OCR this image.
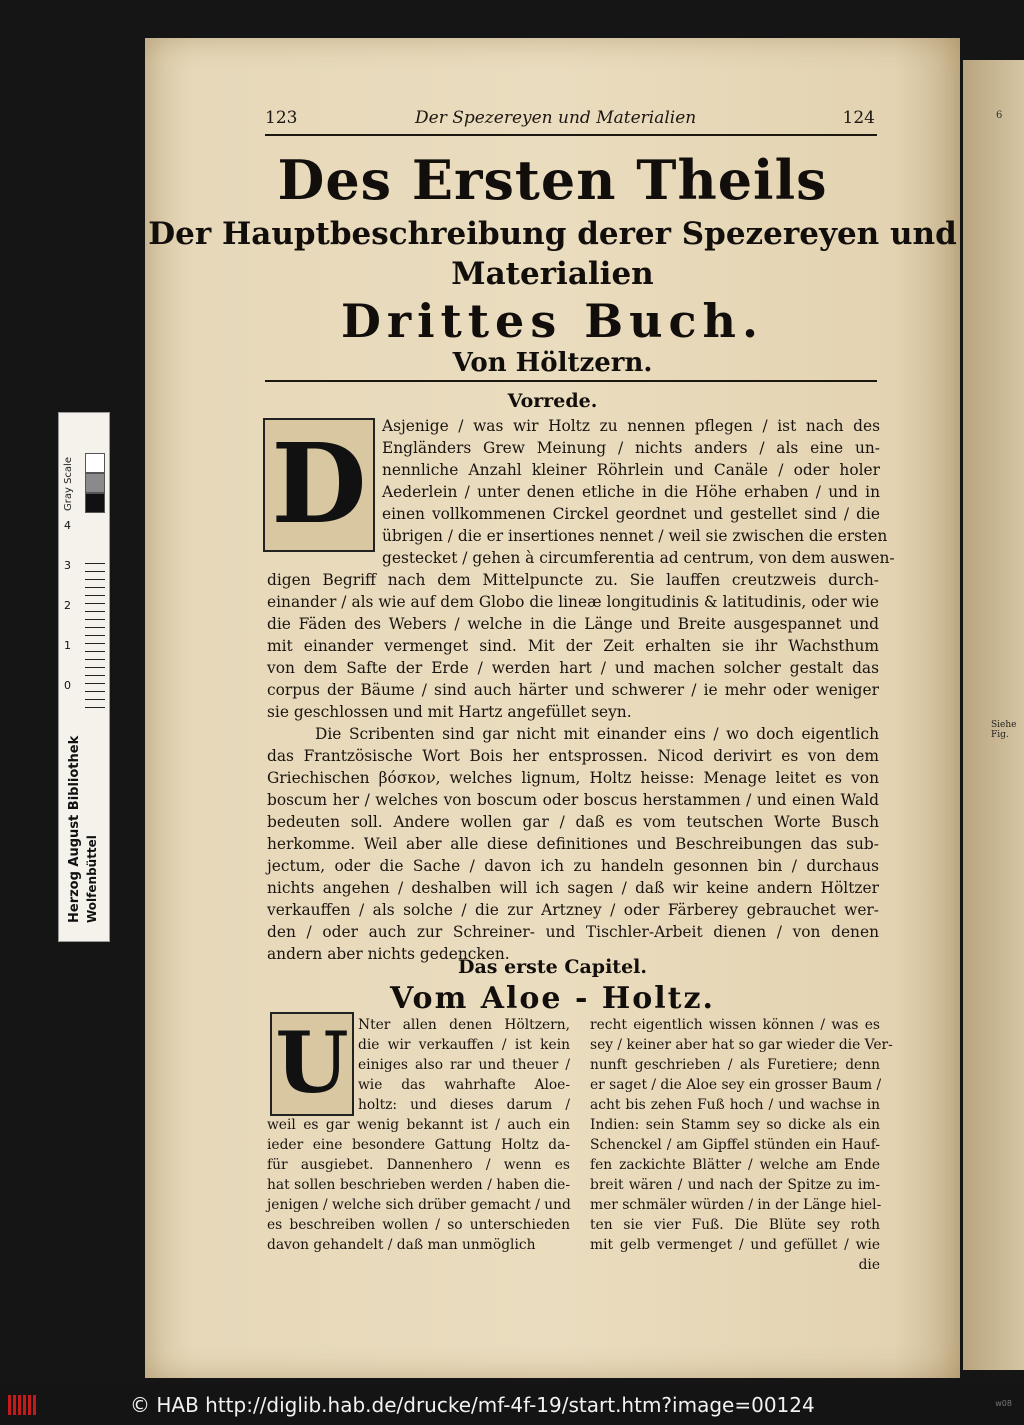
6
Siehe Fig.
123	Der Spezereyen und Materialien	124
Des Ersten Theils
Der Hauptbeschreibung derer Spezereyen und
Materialien
Drittes Buch.
Von Höltzern.
Vorrede.
D Asjenige / was wir Holtz zu nennen pflegen / ist nach des
Engländers Grew Meinung / nichts anders / als eine un-
nennliche Anzahl kleiner Röhrlein und Canäle / oder holer
Aederlein / unter denen etliche in die Höhe erhaben / und in
einen vollkommenen Circkel geordnet und gestellet sind / die
übrigen / die er insertiones nennet / weil sie zwischen die ersten
gestecket / gehen à circumferentia ad centrum, von dem auswen-
digen Begriff nach dem Mittelpuncte zu. Sie lauffen creutzweis durch-
einander / als wie auf dem Globo die lineæ longitudinis & latitudinis, oder wie
die Fäden des Webers / welche in die Länge und Breite ausgespannet und
mit einander vermenget sind. Mit der Zeit erhalten sie ihr Wachsthum
von dem Safte der Erde / werden hart / und machen solcher gestalt das
corpus der Bäume / sind auch härter und schwerer / ie mehr oder weniger
sie geschlossen und mit Hartz angefüllet seyn.
Die Scribenten sind gar nicht mit einander eins / wo doch eigentlich
das Frantzösische Wort Bois her entsprossen. Nicod derivirt es von dem
Griechischen βόσκον, welches lignum, Holtz heisse: Menage leitet es von
boscum her / welches von boscum oder boscus herstammen / und einen Wald
bedeuten soll. Andere wollen gar / daß es vom teutschen Worte Busch
herkomme. Weil aber alle diese definitiones und Beschreibungen das sub-
jectum, oder die Sache / davon ich zu handeln gesonnen bin / durchaus
nichts angehen / deshalben will ich sagen / daß wir keine andern Höltzer
verkauffen / als solche / die zur Artzney / oder Färberey gebrauchet wer-
den / oder auch zur Schreiner- und Tischler-Arbeit dienen / von denen
andern aber nichts gedencken.
Das erste Capitel.
Vom Aloe - Holtz.
U Nter allen denen Höltzern,
die wir verkauffen / ist kein
einiges also rar und theuer /
wie das wahrhafte Aloe-
holtz: und dieses darum /
weil es gar wenig bekannt ist / auch ein
ieder eine besondere Gattung Holtz da-
für ausgiebet. Dannenhero / wenn es
hat sollen beschrieben werden / haben die-
jenigen / welche sich drüber gemacht / und
es beschreiben wollen / so unterschieden
davon gehandelt / daß man unmöglich
recht eigentlich wissen können / was es
sey / keiner aber hat so gar wieder die Ver-
nunft geschrieben / als Furetiere; denn
er saget / die Aloe sey ein grosser Baum /
acht bis zehen Fuß hoch / und wachse in
Indien: sein Stamm sey so dicke als ein
Schenckel / am Gipffel stünden ein Hauf-
fen zackichte Blätter / welche am Ende
breit wären / und nach der Spitze zu im-
mer schmäler würden / in der Länge hiel-
ten sie vier Fuß. Die Blüte sey roth
mit gelb vermenget / und gefüllet / wie
die
Gray Scale
4
3
2
1
0
Herzog August Bibliothek Wolfenbüttel
© HAB http://diglib.hab.de/drucke/mf-4f-19/start.htm?image=00124	w08
